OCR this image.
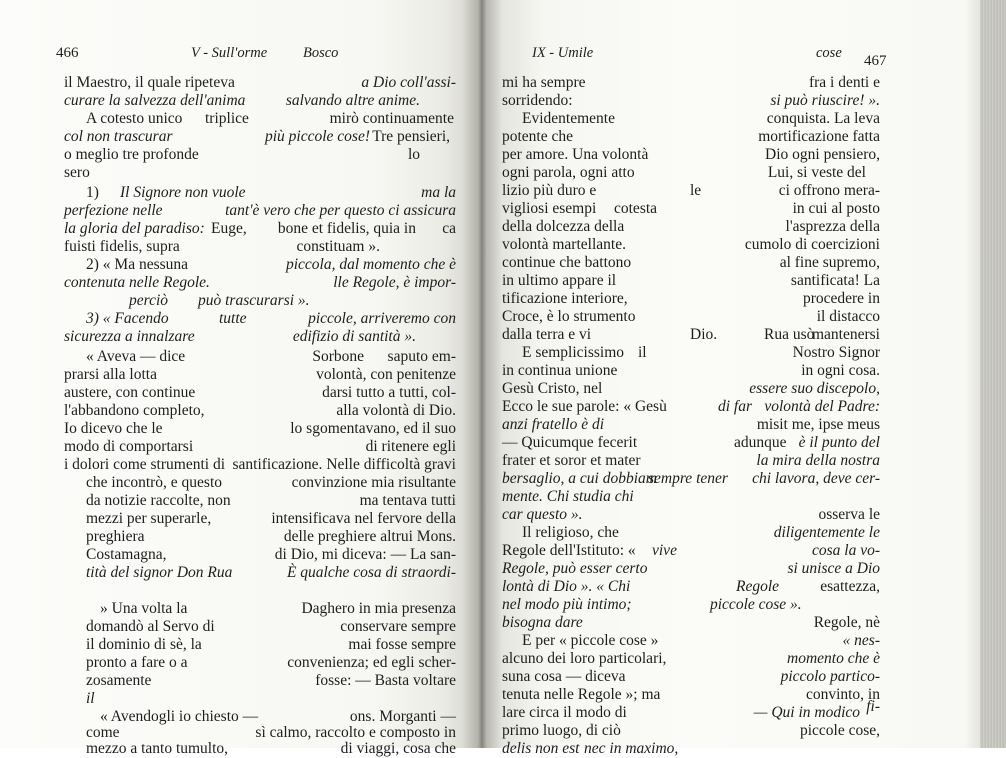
466	V - Sull'orme Bosco
il Maestro, il quale ripeteva
curare la salvezza dell'anima
A cotesto unico triplice
col non trascurar
o meglio tre profonde
sero
1) Il Signore non vuole
perfezione nelle
la gloria del paradiso: Euge,
fuisti fidelis, supra
2) « Ma nessuna
contenuta nelle Regole.
perciò può trascurarsi ».
3) « Facendo	tutte
sicurezza a innalzare
« Aveva — dice
prarsi alla lotta
austere, con continue
l'abbandono completo,
Io dicevo che le
modo di comportarsi
i dolori come strumenti di
che incontrò, e questo
da notizie raccolte, non
mezzi per superarle,
preghiera
Costamagna,
tità del signor Don Rua
» Una volta la
domandò al Servo di
il dominio di sè, la
pronto a fare o a
zosamente
il
« Avendogli io chiesto —
come
mezzo a tanto tumulto,
a Dio coll'assi-
salvando altre anime.
mirò continuamente
più piccole cose! Tre pensieri,
lo
ma la
tant'è vero che per questo ci assicura
bone et fidelis, quia in ca
constituam ».
piccola, dal momento che è
lle Regole, è impor-
piccole, arriveremo con
edifizio di santità ».
Sorbone saputo em-
volontà, con penitenze
darsi tutto a tutti, col-
alla volontà di Dio.
lo sgomentavano, ed il suo
di ritenere egli
santificazione. Nelle difficoltà gravi
convinzione mia risultante
ma tentava tutti
intensificava nel fervore della
delle preghiere altrui Mons.
di Dio, mi diceva: — La san-
È qualche cosa di straordi-
Daghero in mia presenza
conservare sempre
mai fosse sempre
convenienza; ed egli scher-
fosse: — Basta voltare
ons. Morganti —
sì calmo, raccolto e composto in
di viaggi, cosa che
IX - Umile	cose 467
mi ha sempre
sorridendo:
Evidentemente
potente che
per amore. Una volontà
ogni parola, ogni atto
lizio più duro e	le
vigliosi esempi cotesta
della dolcezza della
volontà martellante.
continue che battono
in ultimo appare il
tificazione interiore,
Croce, è lo strumento
dalla terra e vi	Dio.
E semplicissimo il
in continua unione
Gesù Cristo, nel
Ecco le sue parole: « Gesù
anzi fratello è di
— Quicumque fecerit
frater et soror et mater
bersaglio, a cui dobbiam
sempre tener
mente. Chi studia chi
car questo ».
Il religioso, che
Regole dell'Istituto: « vive
Regole, può esser certo
lontà di Dio ». « Chi
nel modo più intimo;
bisogna dare
E per « piccole cose »
alcuno dei loro particolari,
suna cosa — diceva
tenuta nelle Regole »; ma
lare circa il modo di
primo luogo, di ciò
delis non est nec in maximo,
fra i denti e
si può riuscire! ».
conquista. La leva
mortificazione fatta
Dio ogni pensiero,
Lui, si veste del
ci offrono mera-
in cui al posto
l'asprezza della
cumolo di coercizioni
al fine supremo,
santificata! La
procedere in
il distacco
Rua usò
mantenersi
Nostro Signor
in ogni cosa.
essere suo discepolo,
di far volontà del Padre:
misit me, ipse meus
adunque è il punto del
la mira della nostra
chi lavora, deve cer-
osserva le
diligentemente le
cosa la vo-
si unisce a Dio
Regole	esattezza,
piccole cose ».
Regole, nè
« nes-
momento che è
piccolo partico-
convinto, in
— Qui in modico fi-
piccole cose,
